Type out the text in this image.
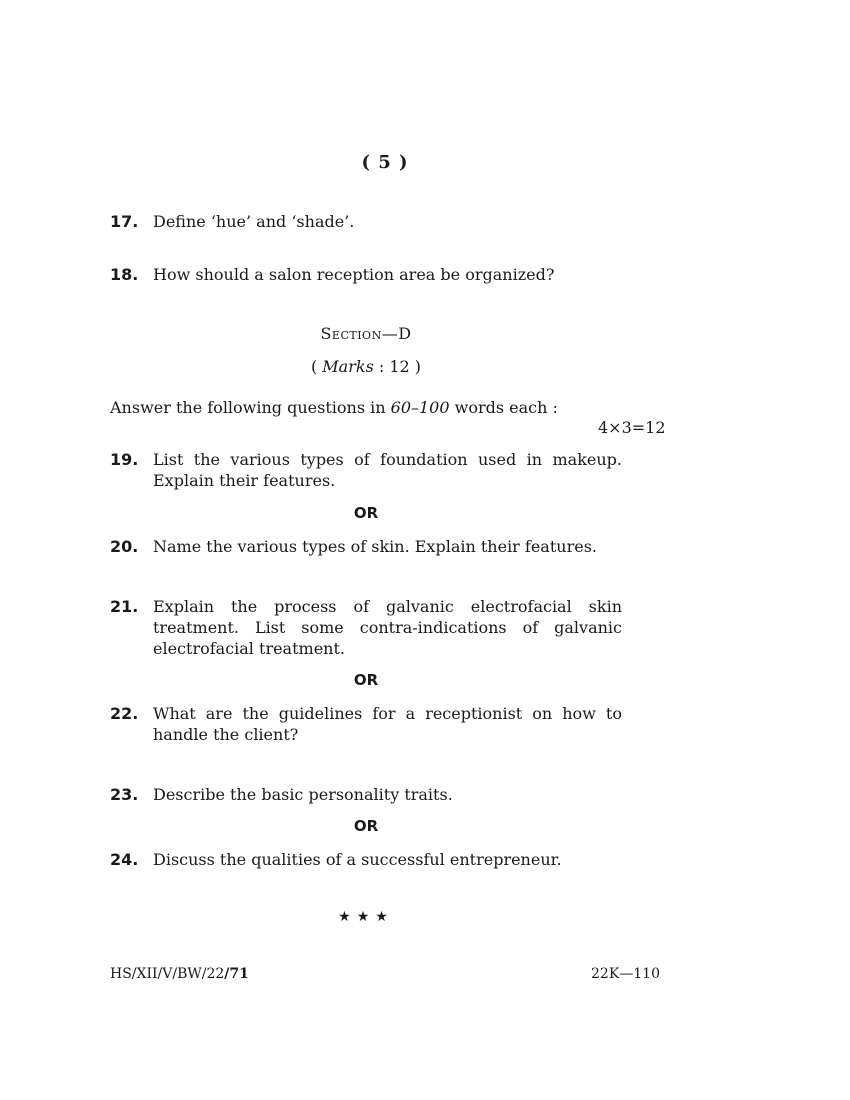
( 5 )
17. Define ‘hue’ and ‘shade’.
18. How should a salon reception area be organized?
Section—D
( Marks : 12 )
Answer the following questions in 60–100 words each :
4×3=12
19. List the various types of foundation used in makeup.
Explain their features.
OR
20. Name the various types of skin. Explain their features.
21. Explain the process of galvanic electrofacial skin
treatment. List some contra-indications of galvanic
electrofacial treatment.
OR
22. What are the guidelines for a receptionist on how to
handle the client?
23. Describe the basic personality traits.
OR
24. Discuss the qualities of a successful entrepreneur.
★★★
HS/XII/V/BW/22/71	22K—110
